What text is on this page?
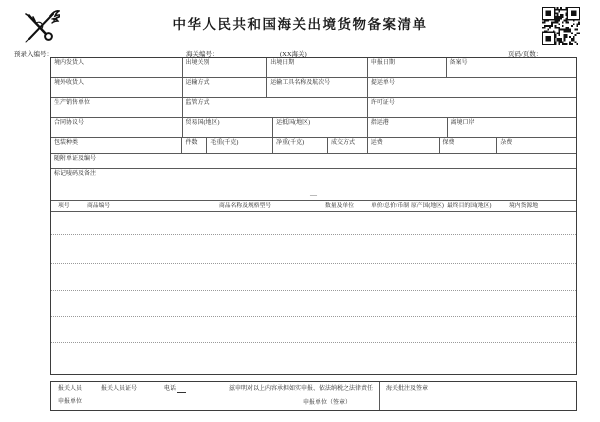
中华人民共和国海关出境货物备案清单
预录入编号：	海关编号：	(XX海关)	页码/页数：
境内发货人	出境关别	出境日期	申报日期	备案号
境外收货人	运输方式	运输工具名称及航次号	提运单号
生产销售单位	监管方式	许可证号
合同协议号	贸易国(地区)	运抵国(地区)	指运港	离境口岸
包装种类	件数	毛重(千克)	净重(千克)	成交方式	运费	保费	杂费
随附单证及编号
标记唛码及备注
—
项号	商品编号	商品名称及规格型号	数量及单位	单价/总价/币制 原产国(地区) 最终目的国(地区)	境内货源地
报关人员	报关人员证号	电话	兹申明对以上内容承担如实申报、依法纳税之法律责任
申报单位	申报单位（签章）
海关批注及签章
